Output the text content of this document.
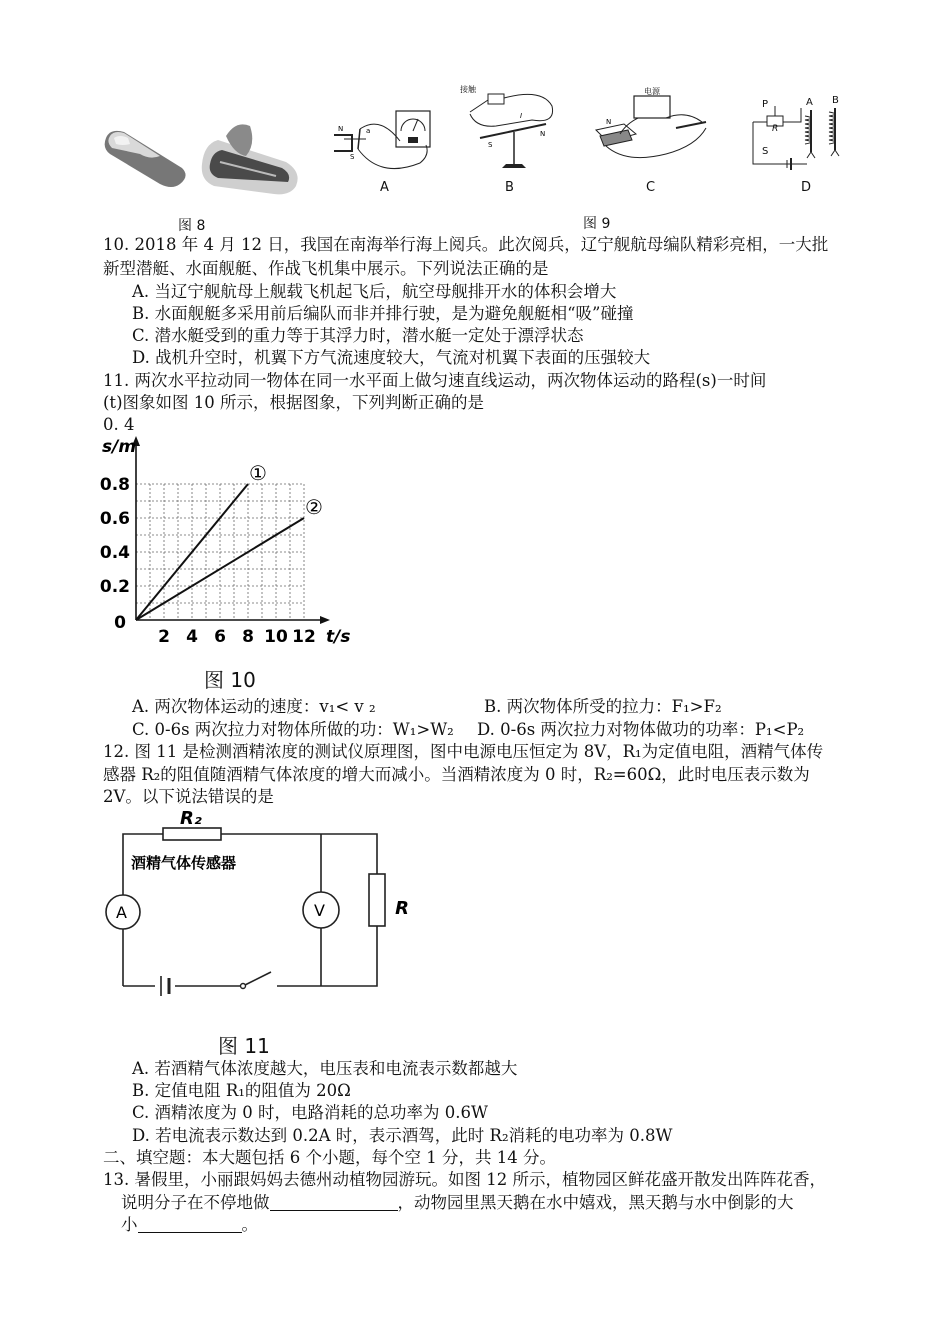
图 8
N	a
S
A
S
N
I
接触
B
N
电源
C
P
R
S
A B
D
图 9
10. 2018 年 4 月 12 日，我国在南海举行海上阅兵。此次阅兵，辽宁舰航母编队精彩亮相，一大批
新型潜艇、水面舰艇、作战飞机集中展示。下列说法正确的是
A. 当辽宁舰航母上舰载飞机起飞后，航空母舰排开水的体积会增大
B. 水面舰艇多采用前后编队而非并排行驶，是为避免舰艇相“吸”碰撞
C. 潜水艇受到的重力等于其浮力时，潜水艇一定处于漂浮状态
D. 战机升空时，机翼下方气流速度较大，气流对机翼下表面的压强较大
11. 两次水平拉动同一物体在同一水平面上做匀速直线运动，两次物体运动的路程(s)一时间
(t)图象如图 10 所示，根据图象，下列判断正确的是
0. 4
①
②
2 4 6 8 10 12
0.2
0.4
0.6
0.8
0
s/m
t/s
图 10
A. 两次物体运动的速度：v₁< v ₂	B. 两次物体所受的拉力：F₁>F₂
C. 0-6s 两次拉力对物体所做的功：W₁>W₂ D. 0-6s 两次拉力对物体做功的功率：P₁<P₂
12. 图 11 是检测酒精浓度的测试仪原理图，图中电源电压恒定为 8V，R₁为定值电阻，酒精气体传
感器 R₂的阻值随酒精气体浓度的增大而减小。当酒精浓度为 0 时，R₂=60Ω，此时电压表示数为
2V。以下说法错误的是
R₂
酒精气体传感器
A	V	R
图 11
A. 若酒精气体浓度越大，电压表和电流表示数都越大
B. 定值电阻 R₁的阻值为 20Ω
C. 酒精浓度为 0 时，电路消耗的总功率为 0.6W
D. 若电流表示数达到 0.2A 时，表示酒驾，此时 R₂消耗的电功率为 0.8W
二、填空题：本大题包括 6 个小题，每个空 1 分，共 14 分。
13. 暑假里，小丽跟妈妈去德州动植物园游玩。如图 12 所示，植物园区鲜花盛开散发出阵阵花香，
说明分子在不停地做	，动物园里黑天鹅在水中嬉戏，黑天鹅与水中倒影的大
小	。
